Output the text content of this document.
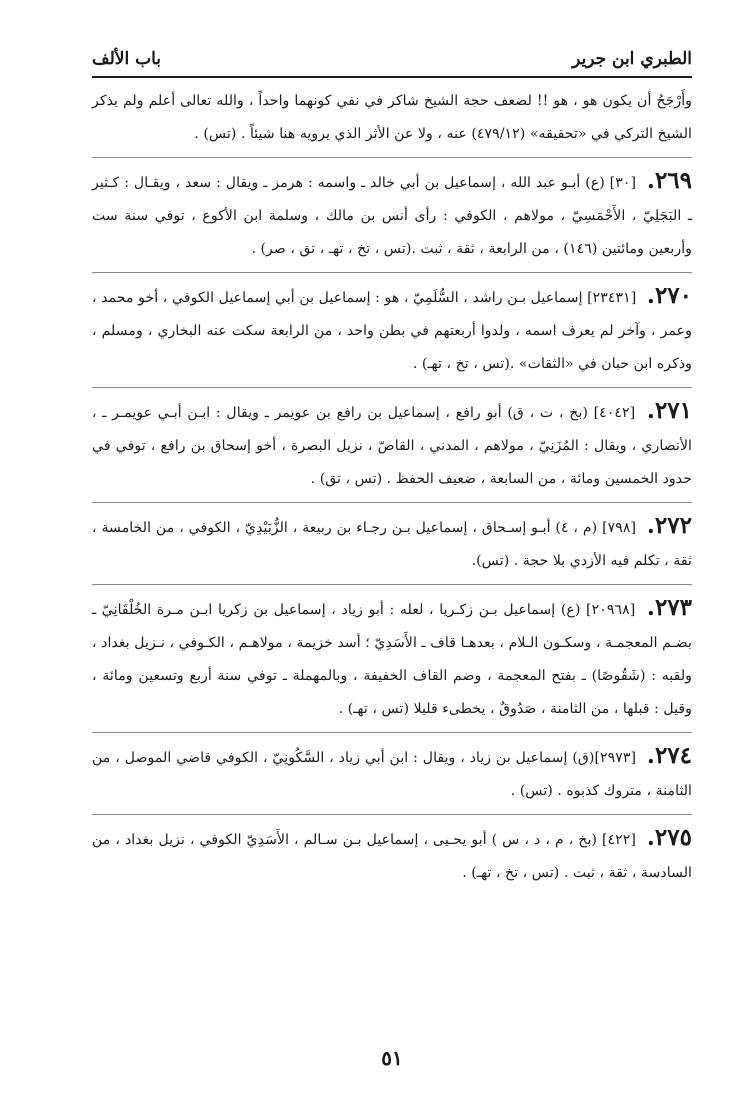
الطبري ابن جرير
باب الألف

وأَرْجَحُ أن يكون هو ، هو !! لضعف حجة الشيخ شاكر في نفي كونهما واحداً ، والله تعالى أعلم ولم يذكر الشيخ التركي في «تحقيقه» (٤٧٩/١٢) عنه ، ولا عن الأثر الذي يرويه هنا شيئاً . (تس) .

٢٦٩ . [٣٠] (ع) أبـو عبد الله ، إسماعيل بن أبي خالد ـ واسمه : هرمز ـ ويقال : سعد ، ويقـال : كـثير ـ البَجَلِيّ ، الأَحْمَسِيّ ، مولاهم ، الكوفي : رأى أنس بن مالك ، وسلمة ابن الأكوع ، توفي سنة ست وأربعين ومائتين (١٤٦) ، من الرابعة ، ثقة ، ثبت .(تس ، تخ ، تهـ ، تق ، صر) .
٢٧٠ . [٢٣٤٣١] إسماعيل بـن راشد ، السُّلَمِيّ ، هو : إسماعيل بن أبي إسماعيل الكوفي ، أخو محمد ، وعمر ، وآخر لم يعرف اسمه ، ولدوا أربعتهم في بطن واحد ، من الرابعة سكت عنه البخاري ، ومسلم ، وذكره ابن حبان في «الثقات» .(تس ، تخ ، تهـ) .
٢٧١ . [٤٠٤٢] (بخ ، ت ، ق) أبو رافع ، إسماعيل بن رافع بن عويمر ـ ويقال : ابـن أبـي عويمـر ـ ، الأنصاري ، ويقال : المُزَنِيّ ، مولاهم ، المدني ، القاصّ ، نزيل البصرة ، أخو إسحاق بن رافع ، توفي في حدود الخمسين ومائة ، من السابعة ، ضعيف الحفظ . (تس ، تق) .
٢٧٢ . [٧٩٨] (م ، ٤) أبـو إسـحاق ، إسماعيل بـن رجـاء بن ربيعة ، الزُّبَيْدِيّ ، الكوفي ، من الخامسة ، ثقة ، تكلم فيه الأزدي بلا حجة . (تس).
٢٧٣ . [٢٠٩٦٨] (ع) إسماعيل بـن زكـريا ، لعله : أبو زياد ، إسماعيل بن زكريا ابـن مـرة الخُلْقَانِيّ ـ بضـم المعجمـة ، وسكـون الـلام ، بعدهـا قاف ـ الأَسَدِيّ ؛ أسد خزيمة ، مولاهـم ، الكـوفي ، نـزيل بغداد ، ولقبه : (شَقُوصًا) ـ بفتح المعجمة ، وضم القاف الخفيفة ، وبالمهملة ـ توفي سنة أربع وتسعين ومائة ، وقيل : قبلها ، من الثامنة ، صَدُوقٌ ، يخطىء قليلا (تس ، تهـ) .
٢٧٤ . [٢٩٧٣](ق) إسماعيل بن زياد ، ويقال : ابن أبي زياد ، السَّكُونِيّ ، الكوفي قاضي الموصل ، من الثامنة ، متروك كذبوه . (تس) .
٢٧٥ . [٤٢٢] (بخ ، م ، د ، س ) أبو يحـيى ، إسماعيل بـن سـالم ، الأَسَدِيّ الكوفي ، نزيل بغداد ، من السادسة ، ثقة ، ثبت . (تس ، تخ ، تهـ) .
٥١
